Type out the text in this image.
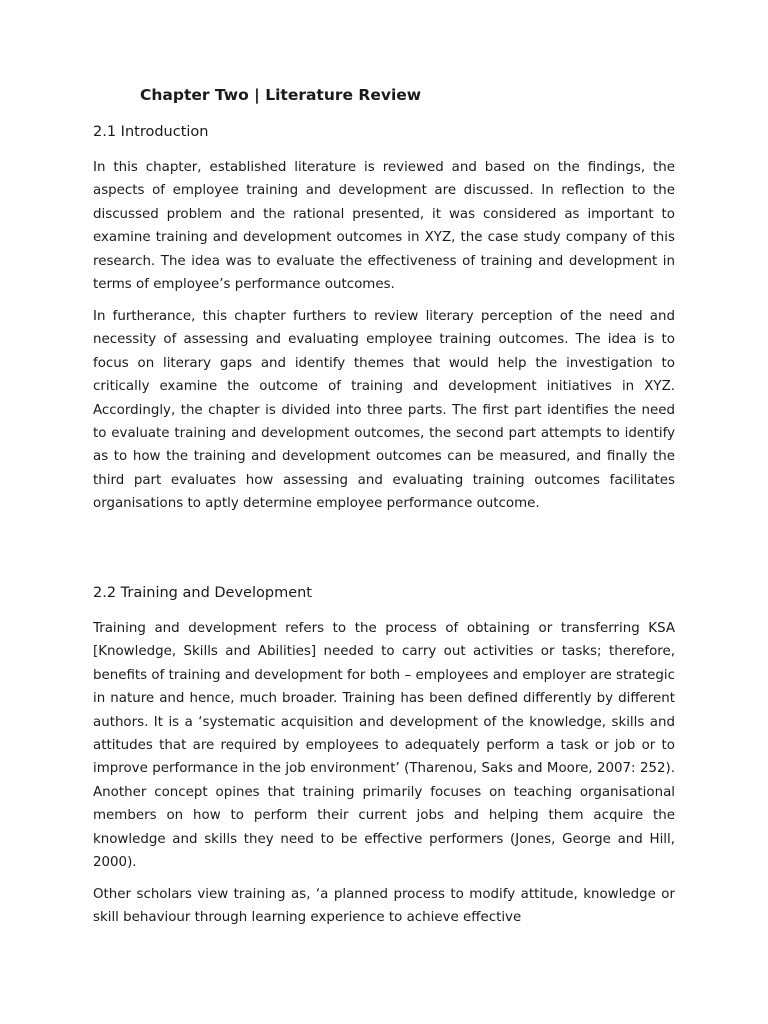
Chapter Two | Literature Review
2.1 Introduction

In this chapter, established literature is reviewed and based on the findings, the aspects of employee training and development are discussed. In reflection to the discussed problem and the rational presented, it was considered as important to examine training and development outcomes in XYZ, the case study company of this research. The idea was to evaluate the effectiveness of training and development in terms of employee’s performance outcomes.

In furtherance, this chapter furthers to review literary perception of the need and necessity of assessing and evaluating employee training outcomes. The idea is to focus on literary gaps and identify themes that would help the investigation to critically examine the outcome of training and development initiatives in XYZ. Accordingly, the chapter is divided into three parts. The first part identifies the need to evaluate training and development outcomes, the second part attempts to identify as to how the training and development outcomes can be measured, and finally the third part evaluates how assessing and evaluating training outcomes facilitates organisations to aptly determine employee performance outcome.

2.2 Training and Development

Training and development refers to the process of obtaining or transferring KSA [Knowledge, Skills and Abilities] needed to carry out activities or tasks; therefore, benefits of training and development for both – employees and employer are strategic in nature and hence, much broader. Training has been defined differently by different authors. It is a ‘systematic acquisition and development of the knowledge, skills and attitudes that are required by employees to adequately perform a task or job or to improve performance in the job environment’ (Tharenou, Saks and Moore, 2007: 252). Another concept opines that training primarily focuses on teaching organisational members on how to perform their current jobs and helping them acquire the knowledge and skills they need to be effective performers (Jones, George and Hill, 2000).

Other scholars view training as, ‘a planned process to modify attitude, knowledge or skill behaviour through learning experience to achieve effective
